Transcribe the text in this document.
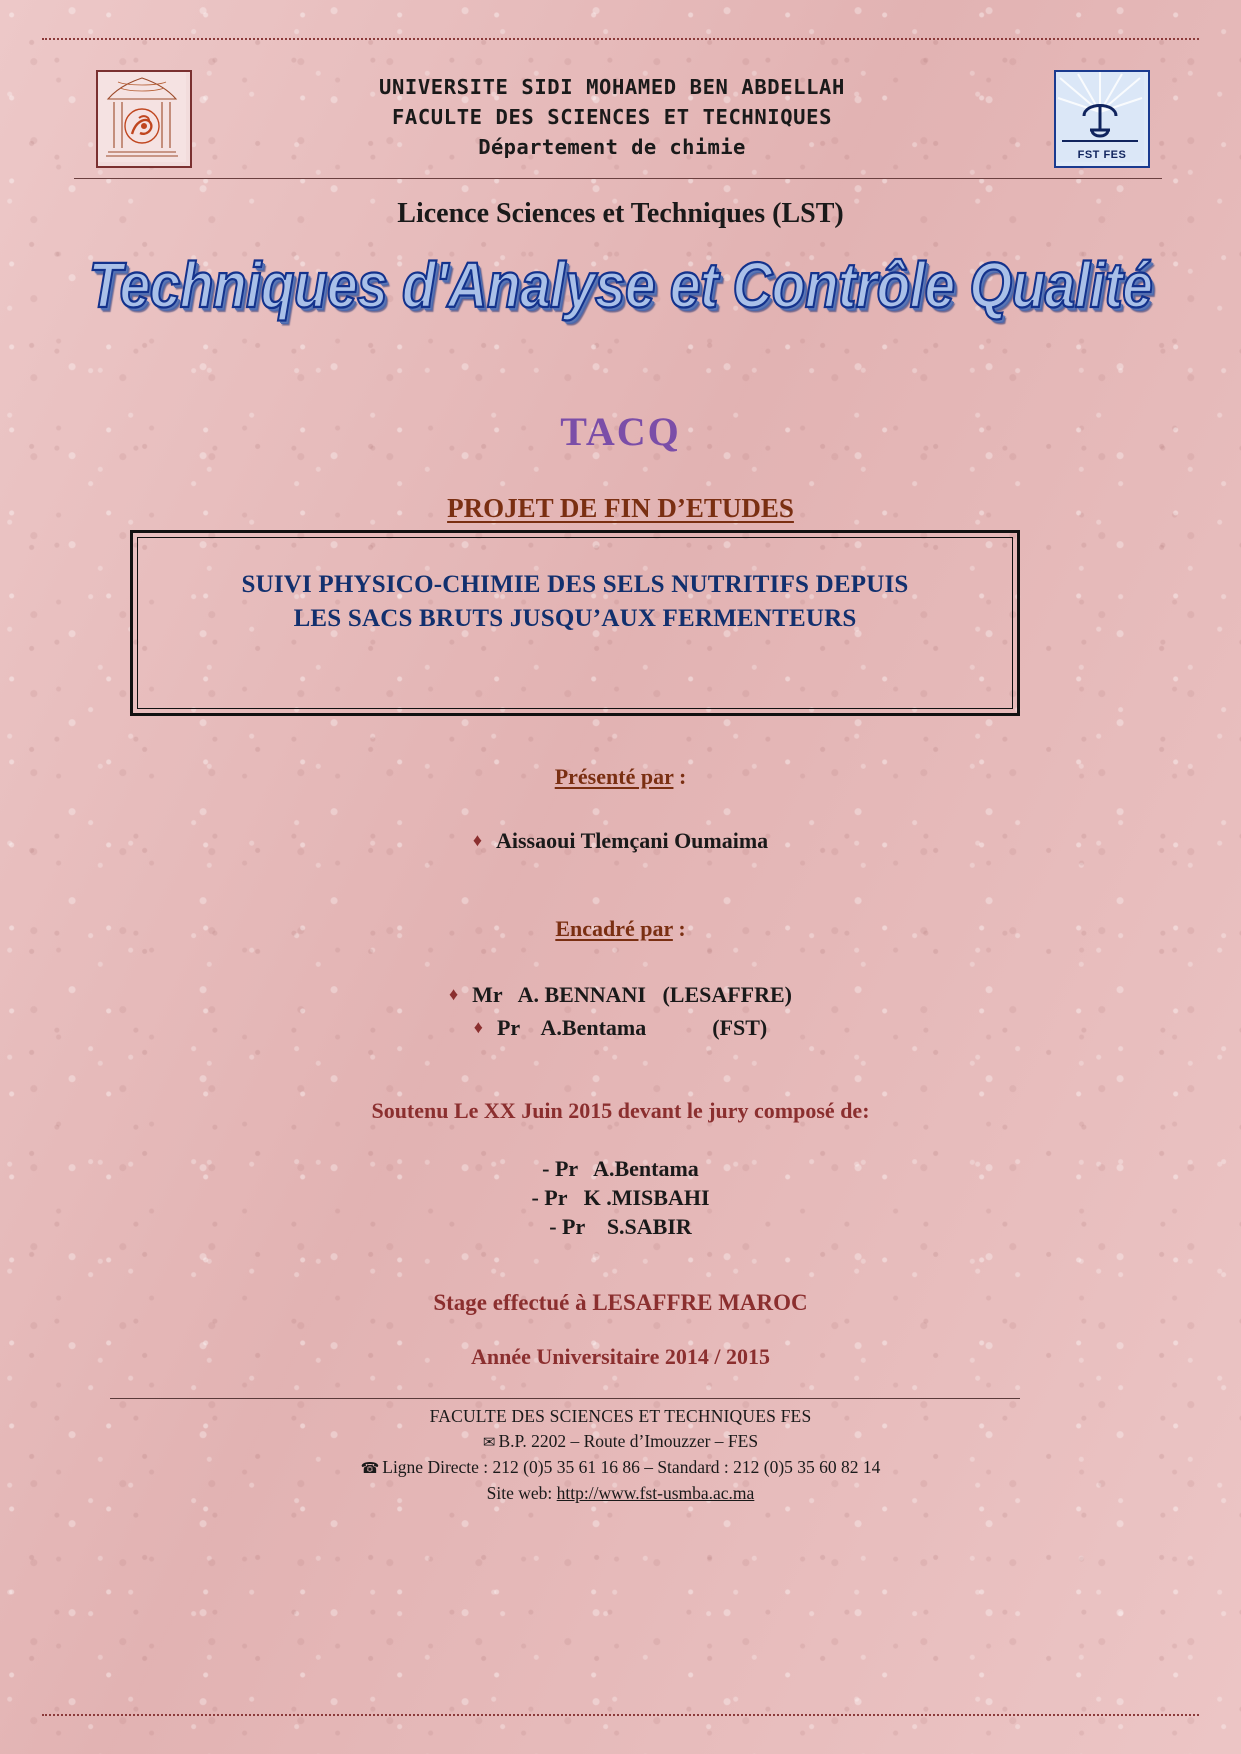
UNIVERSITE SIDI MOHAMED BEN ABDELLAH
FACULTE DES SCIENCES ET TECHNIQUES
Département de chimie	FST FES
Licence Sciences et Techniques (LST)
Techniques d'Analyse et Contrôle Qualité
TACQ
PROJET DE FIN D’ETUDES
SUIVI PHYSICO-CHIMIE DES SELS NUTRITIFS DEPUIS
LES SACS BRUTS JUSQU’AUX FERMENTEURS
Présenté par :
♦ Aissaoui Tlemçani Oumaima
Encadré par :
♦ Mr   A. BENNANI   (LESAFFRE)
♦ Pr    A.Bentama            (FST)
Soutenu Le XX Juin 2015 devant le jury composé de:
- Pr   A.Bentama
- Pr   K .MISBAHI
- Pr    S.SABIR
Stage effectué à LESAFFRE MAROC
Année Universitaire 2014 / 2015
FACULTE DES SCIENCES ET TECHNIQUES FES
✉ B.P. 2202 – Route d’Imouzzer – FES
☎ Ligne Directe : 212 (0)5 35 61 16 86 – Standard : 212 (0)5 35 60 82 14
Site web: http://www.fst-usmba.ac.ma
